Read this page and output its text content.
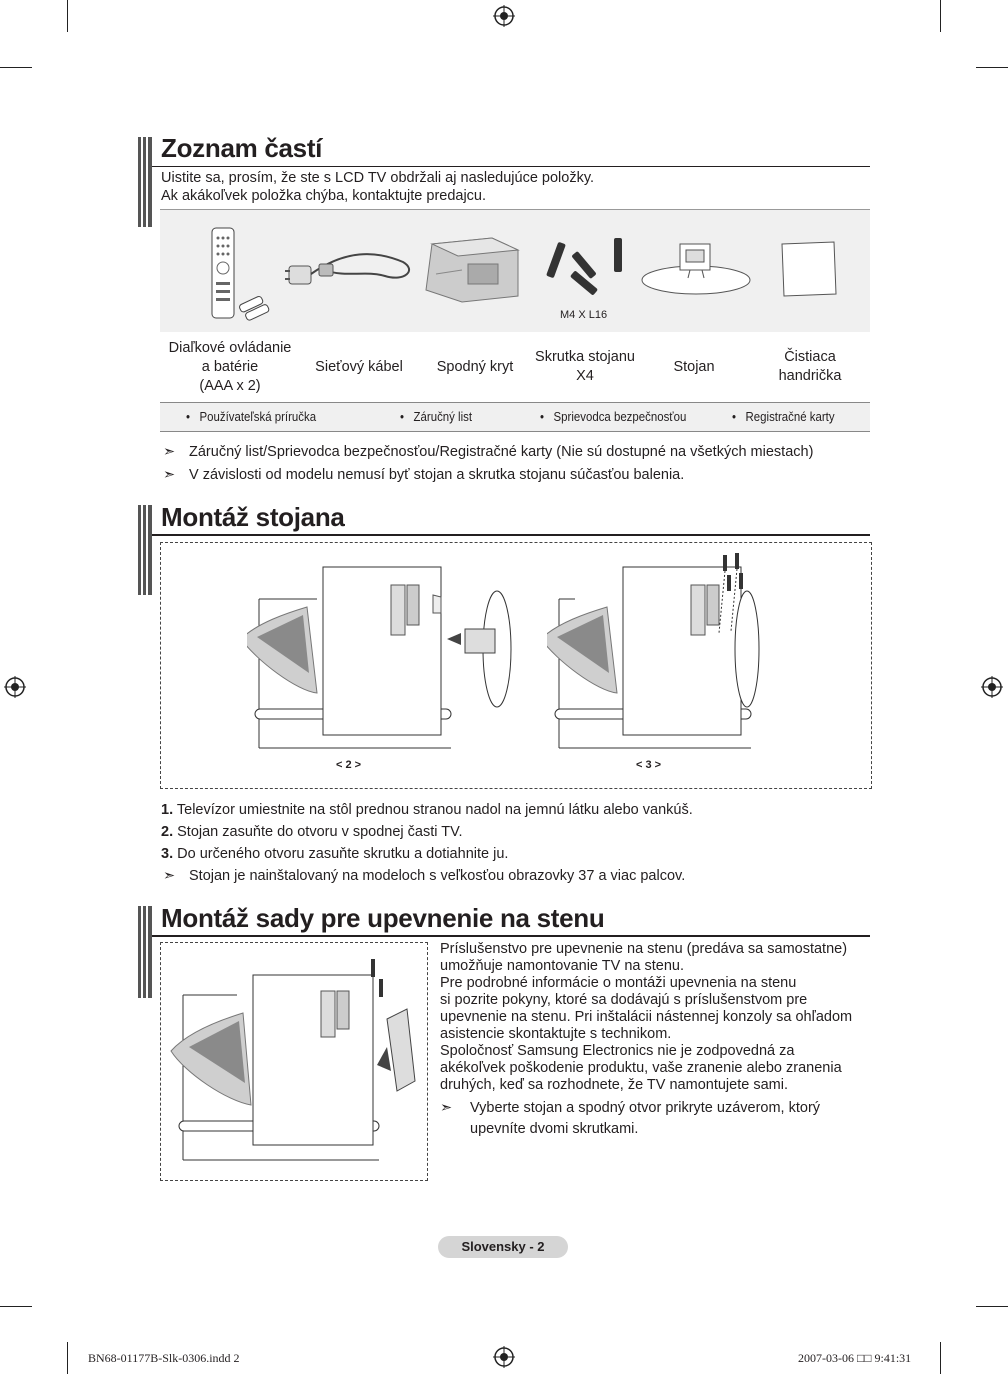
Zoznam častí
Uistite sa, prosím, že ste s LCD TV obdržali aj nasledujúce položky.
Ak akákoľvek položka chýba, kontaktujte predajcu.
M4 X L16
Diaľkové ovládanie
a batérie
(AAA x 2)
Sieťový kábel Spodný kryt
Skrutka stojanu
X4
Stojan
Čistiaca
handrička
•   Používateľská príručka	•   Záručný list	•   Sprievodca bezpečnosťou	•   Registračné karty
➣ Záručný list/Sprievodca bezpečnosťou/Registračné karty (Nie sú dostupné na všetkých miestach)
➣ V závislosti od modelu nemusí byť stojan a skrutka stojanu súčasťou balenia.
Montáž stojana
< 2 >	< 3 >
1. Televízor umiestnite na stôl prednou stranou nadol na jemnú látku alebo vankúš.
2. Stojan zasuňte do otvoru v spodnej časti TV.
3. Do určeného otvoru zasuňte skrutku a dotiahnite ju.
➣ Stojan je nainštalovaný na modeloch s veľkosťou obrazovky 37 a viac palcov.
Montáž sady pre upevnenie na stenu
Príslušenstvo pre upevnenie na stenu (predáva sa samostatne)
umožňuje namontovanie TV na stenu.
Pre podrobné informácie o montáži upevnenia na stenu
si pozrite pokyny, ktoré sa dodávajú s príslušenstvom pre
upevnenie na stenu. Pri inštalácii nástennej konzoly sa ohľadom
asistencie skontaktujte s technikom.
Spoločnosť Samsung Electronics nie je zodpovedná za
akékoľvek poškodenie produktu, vaše zranenie alebo zranenia
druhých, keď sa rozhodnete, že TV namontujete sami.
➣ Vyberte stojan a spodný otvor prikryte uzáverom, ktorý
upevníte dvomi skrutkami.
Slovensky - 2
BN68-01177B-Slk-0306.indd 2	2007-03-06 □□ 9:41:31
